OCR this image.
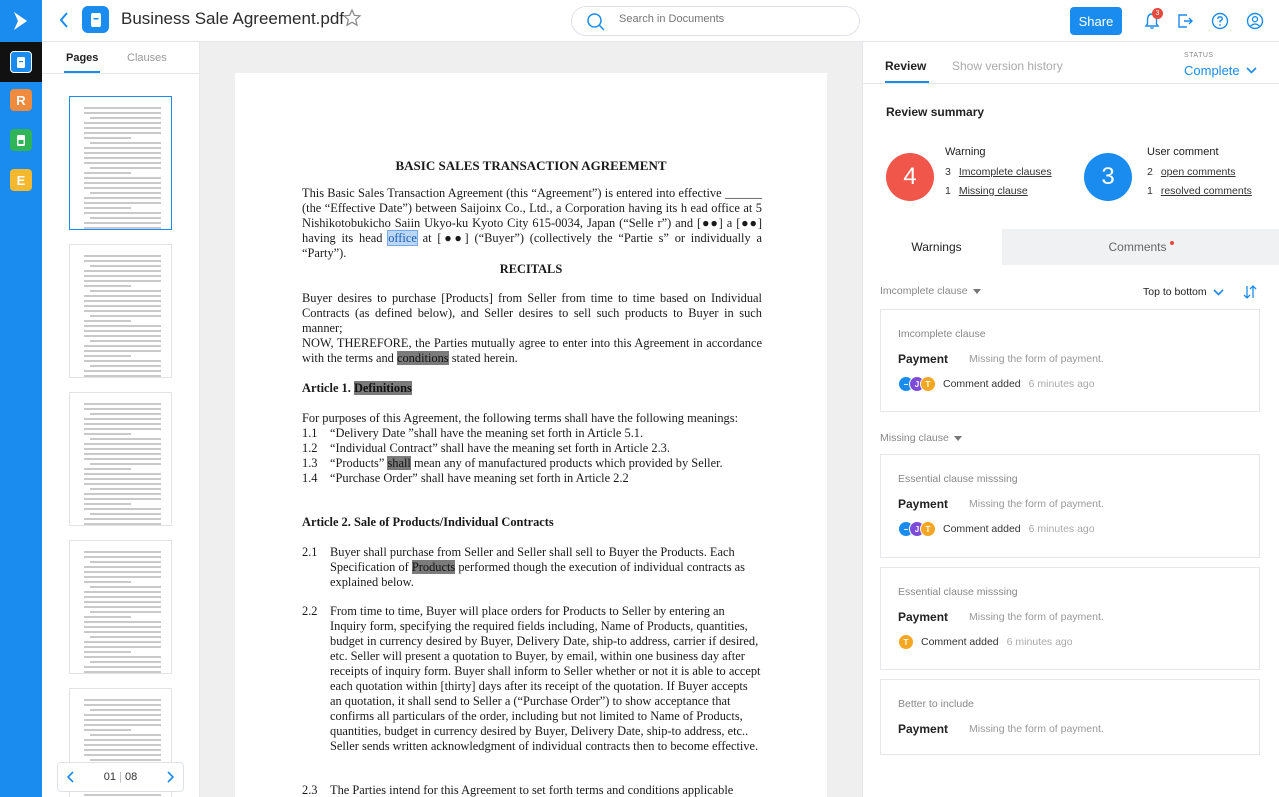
R
E
Business Sale Agreement.pdf
Search in Documents	Share	3
Pages	Clauses
01 | 08
BASIC SALES TRANSACTION AGREEMENT
This Basic Sales Transaction Agreement (this “Agreement”) is entered into effective ______ (the “Effective Date”) between Saijoinx Co., Ltd., a Corporation having its h ead office at 5 Nishikotobukicho Saiin Ukyo-ku Kyoto City 615-0034, Japan (“Selle r”) and [●●] a [●●] having its head office at [●●] (“Buyer”) (collectively the “Partie s” or individually a “Party”).
RECITALS
Buyer desires to purchase [Products] from Seller from time to time based on Individual Contracts (as defined below), and Seller desires to sell such products to Buyer in such manner;
NOW, THEREFORE, the Parties mutually agree to enter into this Agreement in accordance with the terms and conditions stated herein.
Article 1. Definitions
For purposes of this Agreement, the following terms shall have the following meanings:
1.1	“Delivery Date ”shall have the meaning set forth in Article 5.1.
1.2	“Individual Contract” shall have the meaning set forth in Article 2.3.
1.3	“Products” shall mean any of manufactured products which provided by Seller.
1.4	“Purchase Order” shall have meaning set forth in Article 2.2
Article 2. Sale of Products/Individual Contracts
2.1	Buyer shall purchase from Seller and Seller shall sell to Buyer the Products. Each Specification of Products performed though the execution of individual contracts as explained below.
2.2	From time to time, Buyer will place orders for Products to Seller by entering an Inquiry form, specifying the required fields including, Name of Products, quantities, budget in currency desired by Buyer, Delivery Date, ship-to address, carrier if desired, etc. Seller will present a quotation to Buyer, by email, within one business day after receipts of inquiry form. Buyer shall inform to Seller whether or not it is able to accept each quotation within [thirty] days after its receipt of the quotation. If Buyer accepts an quotation, it shall send to Seller a (“Purchase Order”) to show acceptance that confirms all particulars of the order, including but not limited to Name of Products, quantities, budget in currency desired by Buyer, Delivery Date, ship-to address, etc.. Seller sends written acknowledgment of individual contracts then to become effective.
2.3	The Parties intend for this Agreement to set forth terms and conditions applicable
Review Show version history
STATUS
Complete
Review summary
4
Warning
3 Imcomplete clauses
1 Missing clause
3
User comment
2 open comments
1 resolved comments
Warnings	Comments
Imcomplete clause	Top to bottom
Imcomplete clause
Payment Missing the form of payment.
− J T	Comment added 6 minutes ago
Missing clause
Essential clause misssing
Payment Missing the form of payment.
− J T	Comment added 6 minutes ago
Essential clause misssing
Payment Missing the form of payment.
T	Comment added 6 minutes ago
Better to include
Payment Missing the form of payment.
